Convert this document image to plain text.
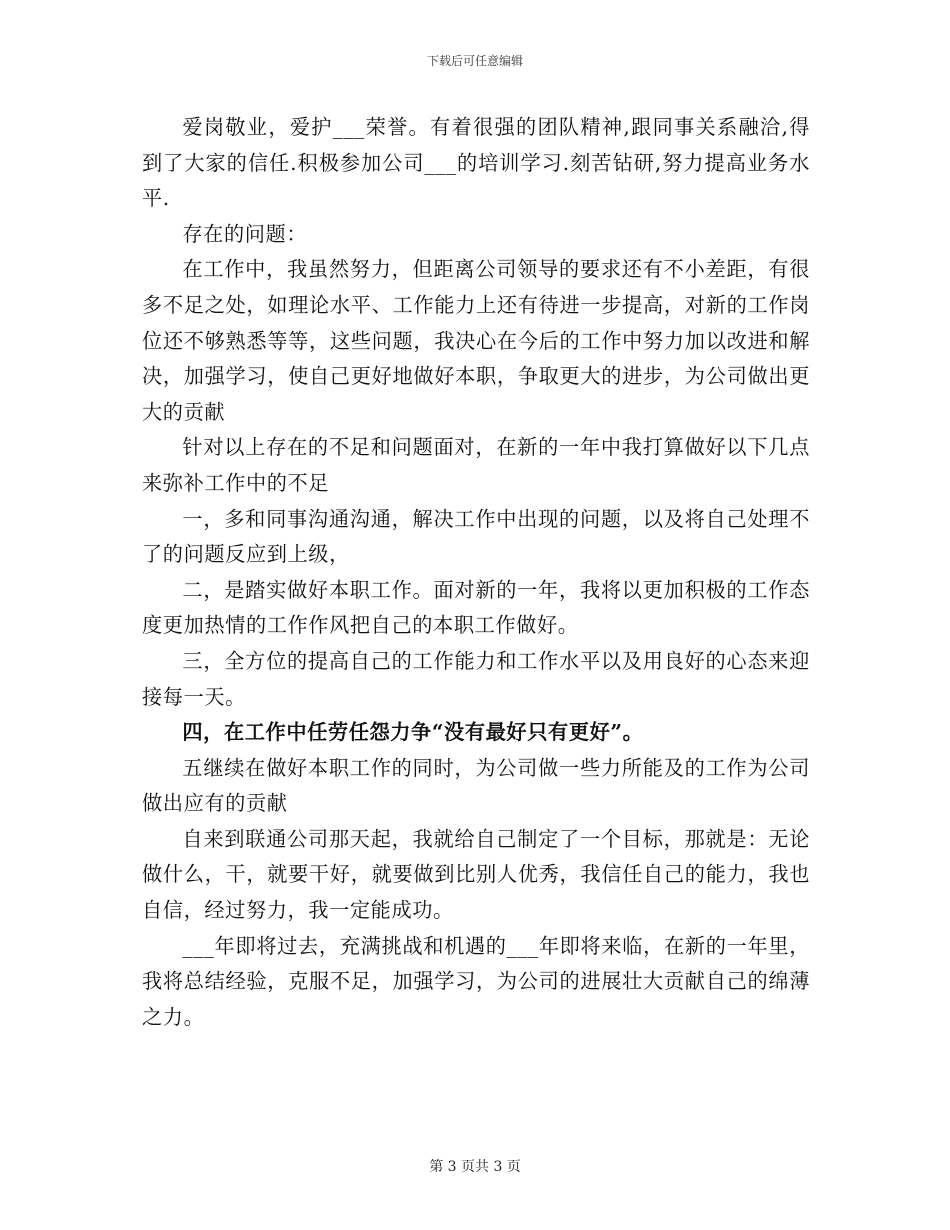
下载后可任意编辑

爱岗敬业，爱护___荣誉。有着很强的团队精神,跟同事关系融洽,得到了大家的信任.积极参加公司___的培训学习.刻苦钻研,努力提高业务水平.

存在的问题：

在工作中，我虽然努力，但距离公司领导的要求还有不小差距，有很多不足之处，如理论水平、工作能力上还有待进一步提高，对新的工作岗位还不够熟悉等等，这些问题，我决心在今后的工作中努力加以改进和解决，加强学习，使自己更好地做好本职，争取更大的进步，为公司做出更大的贡献

针对以上存在的不足和问题面对，在新的一年中我打算做好以下几点来弥补工作中的不足

一，多和同事沟通沟通，解决工作中出现的问题，以及将自己处理不了的问题反应到上级，

二，是踏实做好本职工作。面对新的一年，我将以更加积极的工作态度更加热情的工作作风把自己的本职工作做好。

三，全方位的提高自己的工作能力和工作水平以及用良好的心态来迎接每一天。

四，在工作中任劳任怨力争“没有最好只有更好”。

五继续在做好本职工作的同时，为公司做一些力所能及的工作为公司做出应有的贡献

自来到联通公司那天起，我就给自己制定了一个目标，那就是：无论做什么，干，就要干好，就要做到比别人优秀，我信任自己的能力，我也自信，经过努力，我一定能成功。

___年即将过去，充满挑战和机遇的___年即将来临，在新的一年里，我将总结经验，克服不足，加强学习，为公司的进展壮大贡献自己的绵薄之力。

第 3 页共 3 页
